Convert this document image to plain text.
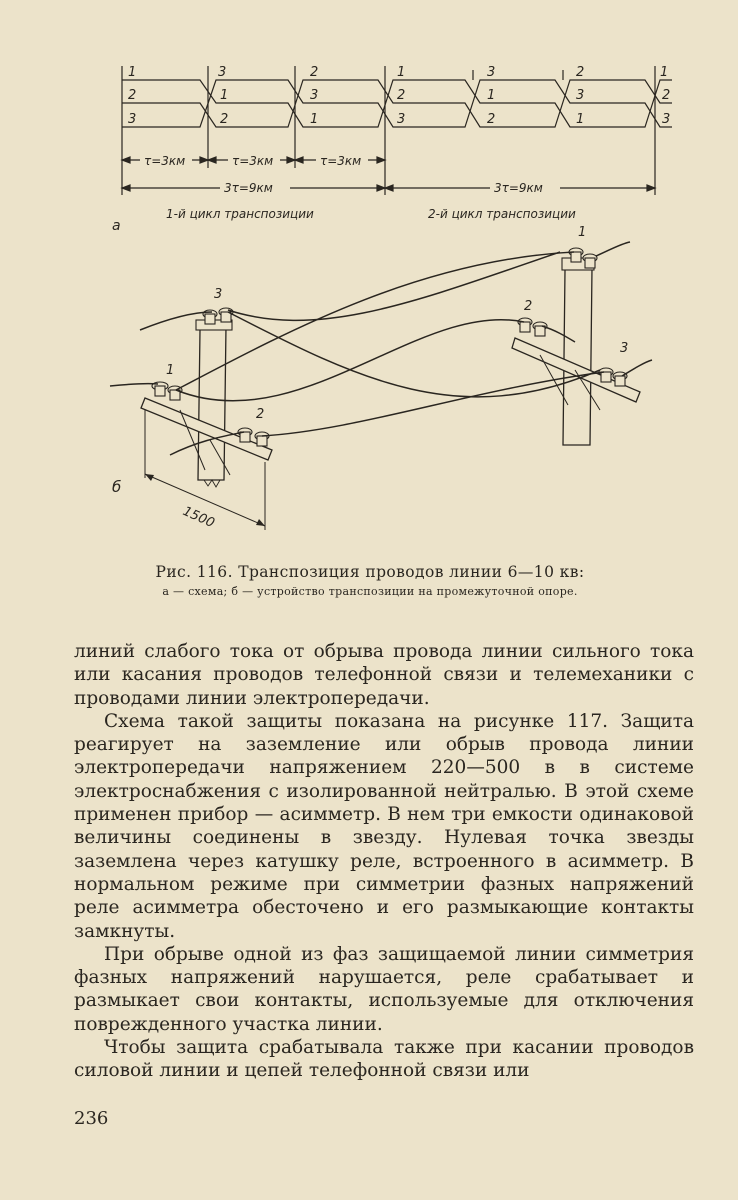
1
2
3
3
1
2
2
3
1
1
2
3
3
1
2
2
3
1
1
2
3
τ=3км	τ=3км	τ=3км
3τ=9км	3τ=9км
1-й цикл транспозиции	2-й цикл транспозиции
а
3
1
2
1
2
3
1500
б
Рис. 116. Транспозиция проводов линии 6—10 кв:
а — схема; б — устройство транспозиции на промежуточной опоре.

линий слабого тока от обрыва провода линии сильного тока или касания проводов телефонной связи и телемеханики с проводами линии электропередачи.

Схема такой защиты показана на рисунке 117. Защита реагирует на заземление или обрыв провода линии электропередачи напряжением 220—500 в в системе электроснабжения с изолированной нейтралью. В этой схеме применен прибор — асимметр. В нем три емкости одинаковой величины соединены в звезду. Нулевая точка звезды заземлена через катушку реле, встроенного в асимметр. В нормальном режиме при симметрии фазных напряжений реле асимметра обесточено и его размыкающие контакты замкнуты.

При обрыве одной из фаз защищаемой линии симметрия фазных напряжений нарушается, реле срабатывает и размыкает свои контакты, используемые для отключения поврежденного участка линии.

Чтобы защита срабатывала также при касании проводов силовой линии и цепей телефонной связи или

236
